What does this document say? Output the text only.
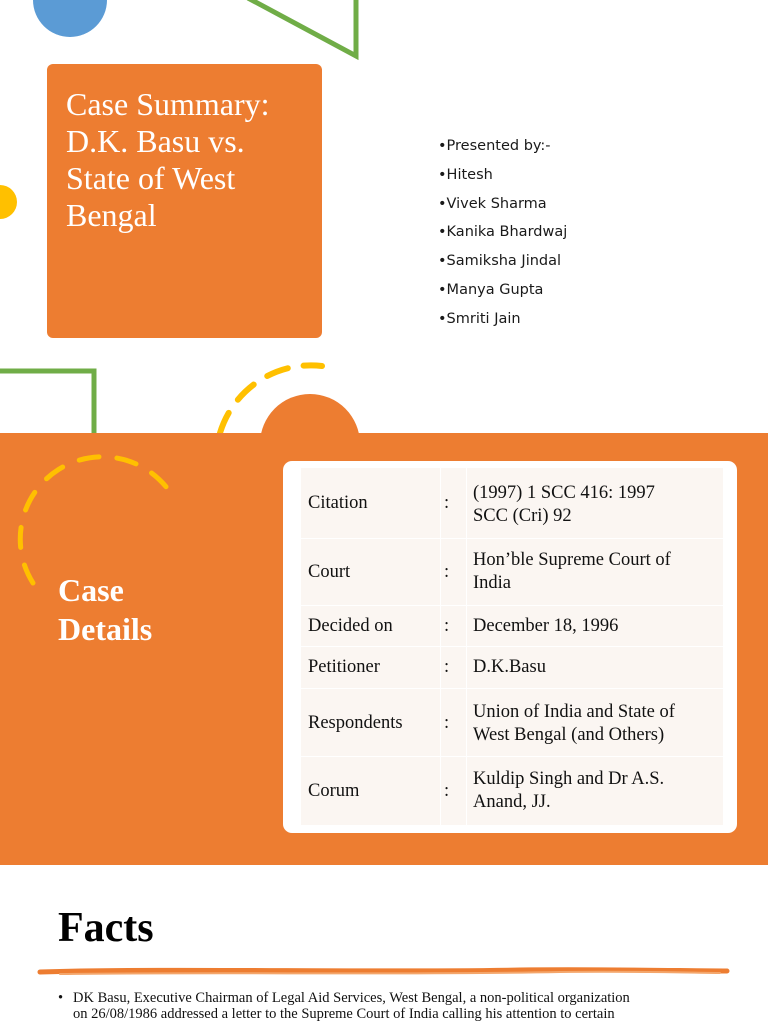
Case Summary: D.K. Basu vs. State of West Bengal
•Presented by:-
•Hitesh
•Vivek Sharma
•Kanika Bhardwaj
•Samiksha Jindal
•Manya Gupta
•Smriti Jain
Case
Details
Citation	: (1997) 1 SCC 416: 1997
SCC (Cri) 92
Court	:
Hon’ble Supreme Court of
India
Decided on	: December 18, 1996
Petitioner	: D.K.Basu
Respondents :
Union of India and State of
West Bengal (and Others)
Corum	:
Kuldip Singh and Dr A.S.
Anand, JJ.
Facts
• DK Basu, Executive Chairman of Legal Aid Services, West Bengal, a non-political organization
on 26/08/1986 addressed a letter to the Supreme Court of India calling his attention to certain
